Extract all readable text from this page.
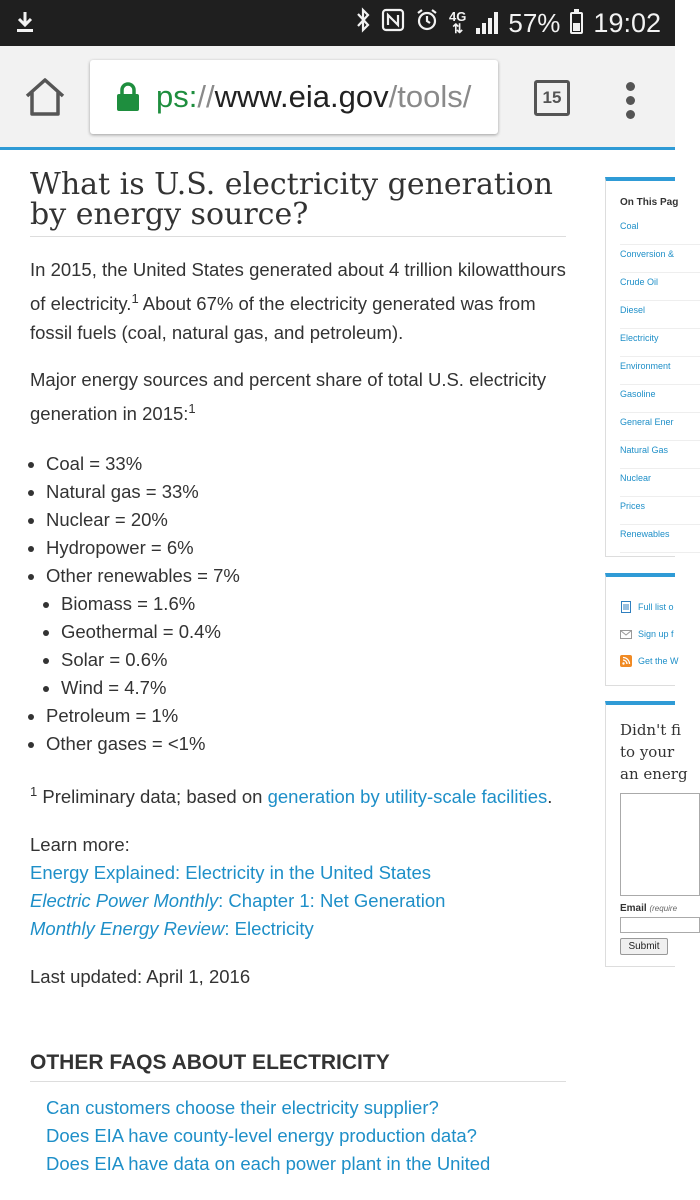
4G
⇅ 57% 19:02
ps://www.eia.gov/tools/	15
What is U.S. electricity generation by energy source?

In 2015, the United States generated about 4 trillion kilowatthours of electricity.$^1$ About 67% of the electricity generated was from fossil fuels (coal, natural gas, and petroleum).

Major energy sources and percent share of total U.S. electricity generation in 2015:$^1$

• Coal = 33%
• Natural gas = 33%
• Nuclear = 20%
• Hydropower = 6%
• Other renewables = 7%
• Biomass = 1.6%
• Geothermal = 0.4%
• Solar = 0.6%
• Wind = 4.7%
• Petroleum = 1%
• Other gases = <1%

$^1$ Preliminary data; based on generation by utility-scale facilities.

Learn more:
Energy Explained: Electricity in the United States
Electric Power Monthly: Chapter 1: Net Generation
Monthly Energy Review: Electricity
Last updated: April 1, 2016
OTHER FAQS ABOUT ELECTRICITY
Can customers choose their electricity supplier?
Does EIA have county-level energy production data?
Does EIA have data on each power plant in the United
On This Pag
Coal
Conversion &
Crude Oil
Diesel
Electricity
Environment
Gasoline
General Ener
Natural Gas
Nuclear
Prices
Renewables
Full list o
Sign up f
Get the W
Didn't fi
to your
an energ
Email (require
Submit
